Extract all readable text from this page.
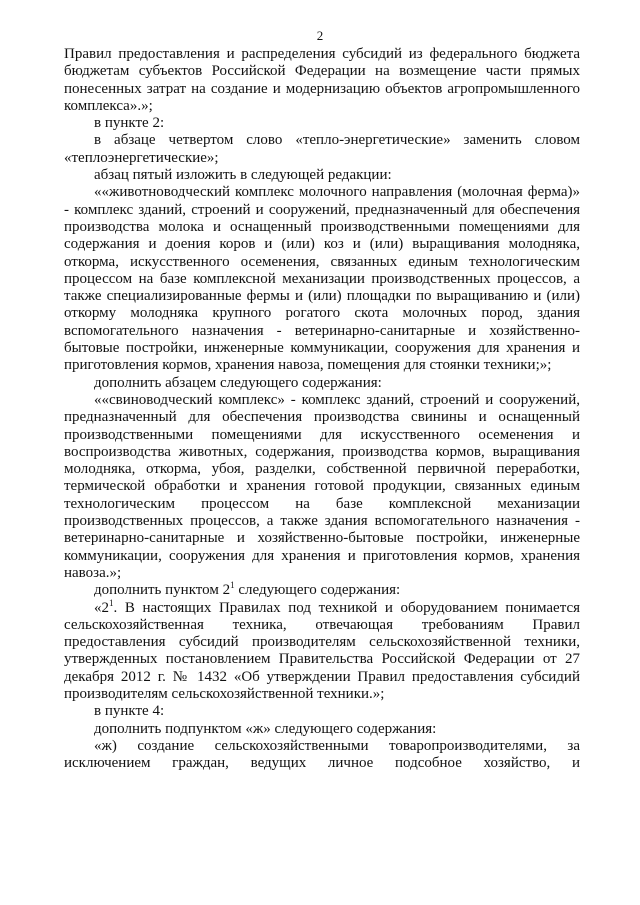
2

Правил предоставления и распределения субсидий из федерального бюджета бюджетам субъектов Российской Федерации на возмещение части прямых понесенных затрат на создание и модернизацию объектов агропромышленного комплекса».»;

в пункте 2:

в абзаце четвертом слово «тепло-энергетические» заменить словом «теплоэнергетические»;

абзац пятый изложить в следующей редакции:

««животноводческий комплекс молочного направления (молочная ферма)» - комплекс зданий, строений и сооружений, предназначенный для обеспечения производства молока и оснащенный производственными помещениями для содержания и доения коров и (или) коз и (или) выращивания молодняка, откорма, искусственного осеменения, связанных единым технологическим процессом на базе комплексной механизации производственных процессов, а также специализированные фермы и (или) площадки по выращиванию и (или) откорму молодняка крупного рогатого скота молочных пород, здания вспомогательного назначения - ветеринарно-санитарные и хозяйственно-бытовые постройки, инженерные коммуникации, сооружения для хранения и приготовления кормов, хранения навоза, помещения для стоянки техники;»;

дополнить абзацем следующего содержания:

««свиноводческий комплекс» - комплекс зданий, строений и сооружений, предназначенный для обеспечения производства свинины и оснащенный производственными помещениями для искусственного осеменения и воспроизводства животных, содержания, производства кормов, выращивания молодняка, откорма, убоя, разделки, собственной первичной переработки, термической обработки и хранения готовой продукции, связанных единым технологическим процессом на базе комплексной механизации производственных процессов, а также здания вспомогательного назначения - ветеринарно-санитарные и хозяйственно-бытовые постройки, инженерные коммуникации, сооружения для хранения и приготовления кормов, хранения навоза.»;

дополнить пунктом $2^1$ следующего содержания:

«$2^1$. В настоящих Правилах под техникой и оборудованием понимается сельскохозяйственная техника, отвечающая требованиям Правил предоставления субсидий производителям сельскохозяйственной техники, утвержденных постановлением Правительства Российской Федерации от 27 декабря 2012 г. № 1432 «Об утверждении Правил предоставления субсидий производителям сельскохозяйственной техники.»;

в пункте 4:

дополнить подпунктом «ж» следующего содержания:

«ж) создание сельскохозяйственными товаропроизводителями, за исключением граждан, ведущих личное подсобное хозяйство, и
